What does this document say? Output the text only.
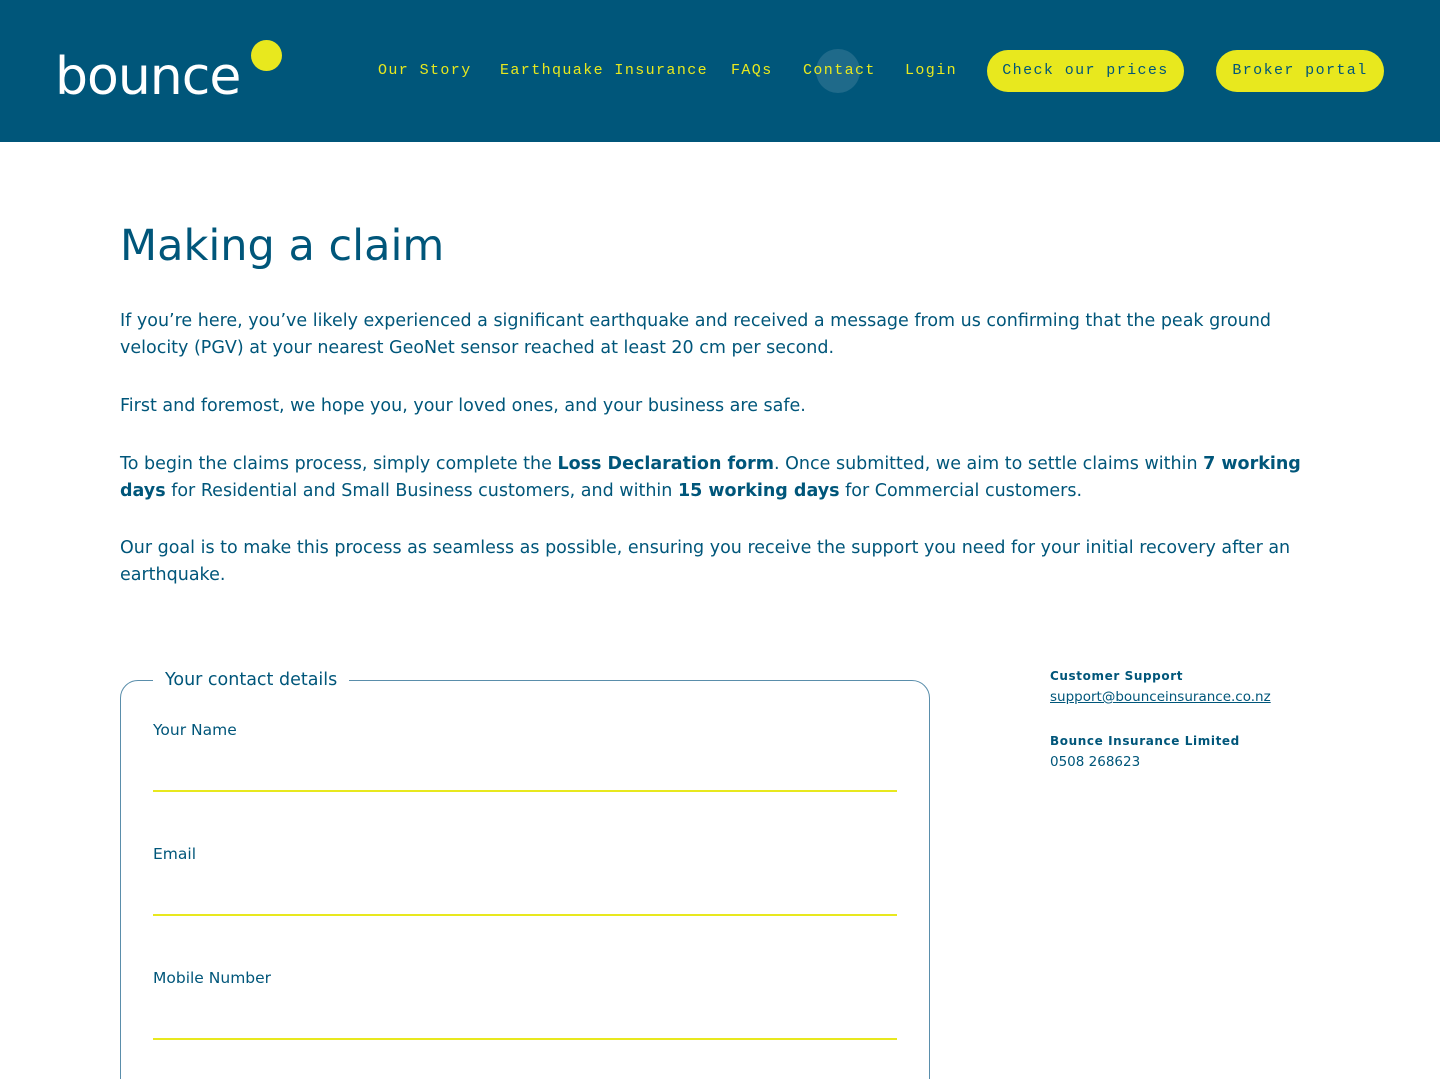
bounce	Our Story Earthquake Insurance FAQs Contact Login	Check our prices	Broker portal
Making a claim

If you’re here, you’ve likely experienced a significant earthquake and received a message from us confirming that the peak ground velocity (PGV) at your nearest GeoNet sensor reached at least 20 cm per second.

First and foremost, we hope you, your loved ones, and your business are safe.

To begin the claims process, simply complete the Loss Declaration form. Once submitted, we aim to settle claims within 7 working days for Residential and Small Business customers, and within 15 working days for Commercial customers.

Our goal is to make this process as seamless as possible, ensuring you receive the support you need for your initial recovery after an earthquake.

Your contact details
Your Name
Email
Mobile Number
Customer Support
support@bounceinsurance.co.nz
Bounce Insurance Limited
0508 268623
